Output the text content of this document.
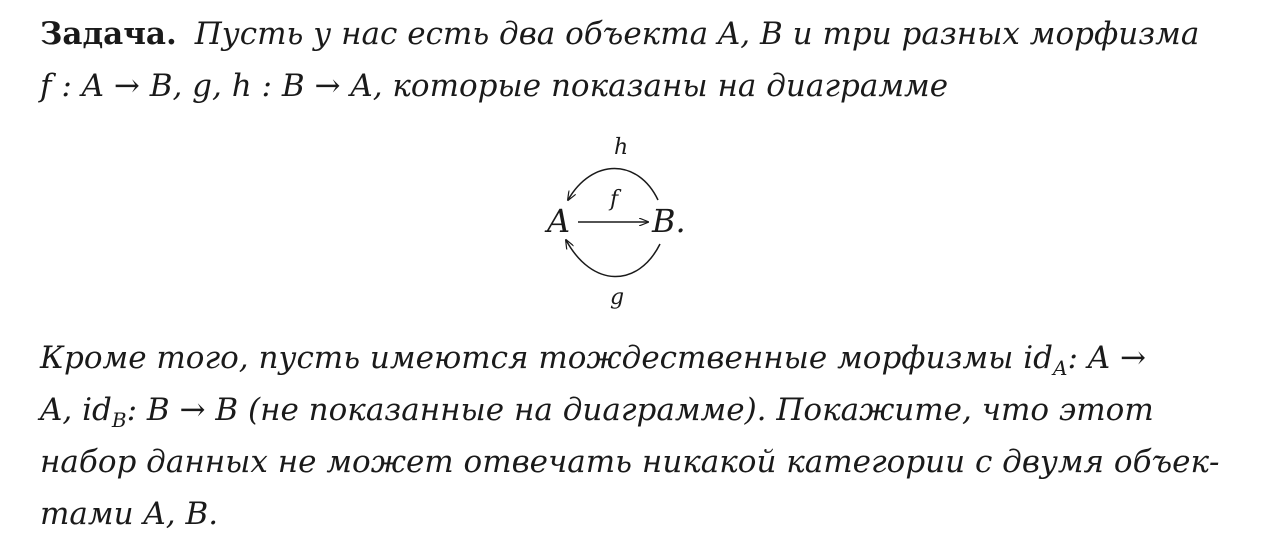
Задача. Пусть у нас есть два объекта A, B и три разных морфизма
f : A → B, g, h : B → A, которые показаны на диаграмме
h
f
A	B.
g
Кроме того, пусть имеются тождественные морфизмы $id_A$: A →
A, $id_B$: B → B (не показанные на диаграмме). Покажите, что этот
набор данных не может отвечать никакой категории с двумя объек-
тами A, B.
